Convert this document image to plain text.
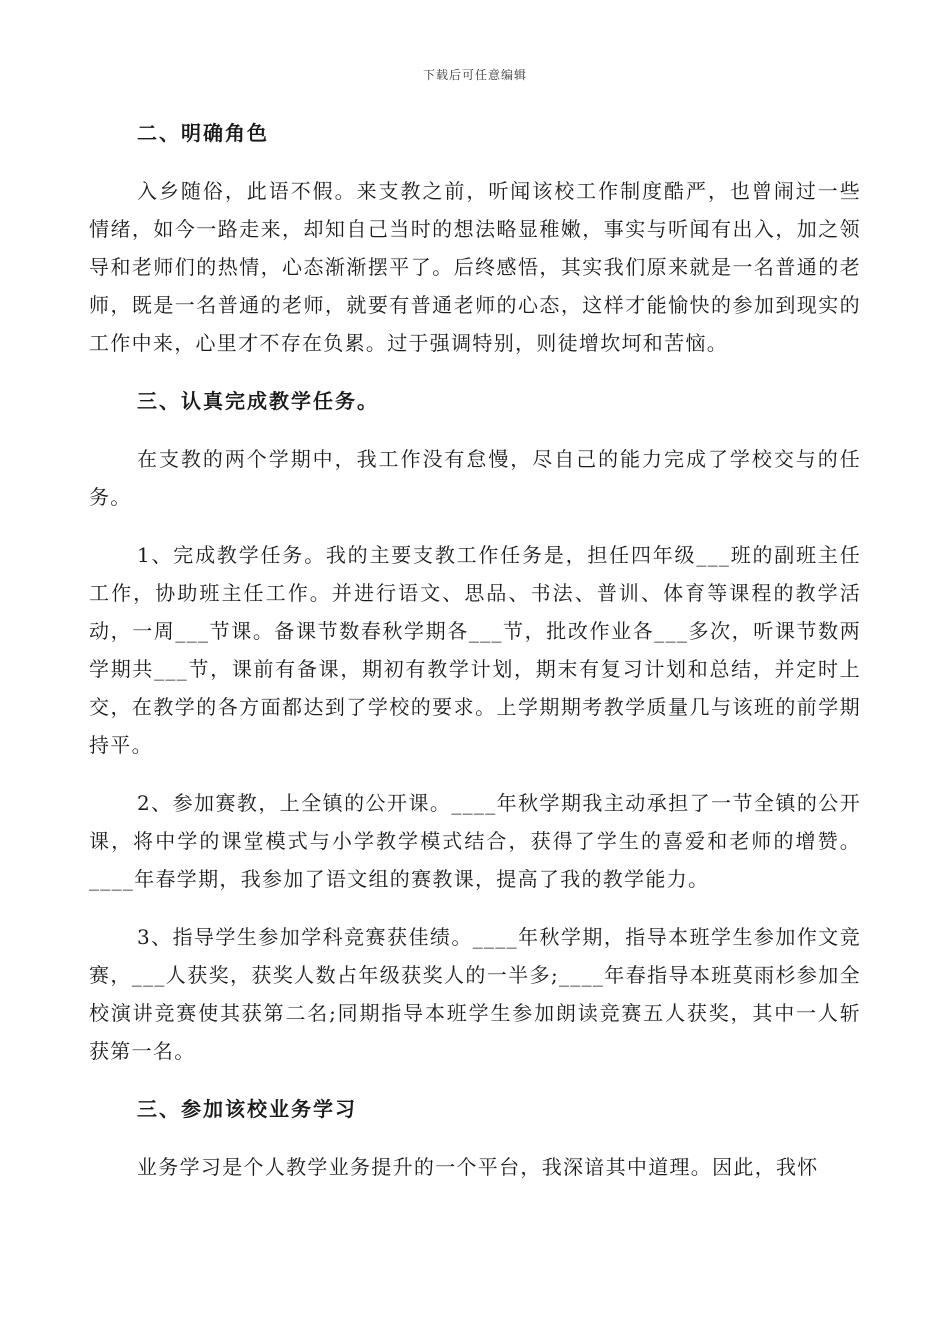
下载后可任意编辑
二、明确角色

入乡随俗，此语不假。来支教之前，听闻该校工作制度酷严，也曾闹过一些情绪，如今一路走来，却知自己当时的想法略显稚嫩，事实与听闻有出入，加之领导和老师们的热情，心态渐渐摆平了。后终感悟，其实我们原来就是一名普通的老师，既是一名普通的老师，就要有普通老师的心态，这样才能愉快的参加到现实的工作中来，心里才不存在负累。过于强调特别，则徒增坎坷和苦恼。

三、认真完成教学任务。

在支教的两个学期中，我工作没有怠慢，尽自己的能力完成了学校交与的任务。

1、完成教学任务。我的主要支教工作任务是，担任四年级___班的副班主任工作，协助班主任工作。并进行语文、思品、书法、普训、体育等课程的教学活动，一周___节课。备课节数春秋学期各___节，批改作业各___多次，听课节数两学期共___节，课前有备课，期初有教学计划，期末有复习计划和总结，并定时上交，在教学的各方面都达到了学校的要求。上学期期考教学质量几与该班的前学期持平。

2、参加赛教，上全镇的公开课。____年秋学期我主动承担了一节全镇的公开课，将中学的课堂模式与小学教学模式结合，获得了学生的喜爱和老师的增赞。____年春学期，我参加了语文组的赛教课，提高了我的教学能力。

3、指导学生参加学科竞赛获佳绩。____年秋学期，指导本班学生参加作文竞赛，___人获奖，获奖人数占年级获奖人的一半多;____年春指导本班莫雨杉参加全校演讲竞赛使其获第二名;同期指导本班学生参加朗读竞赛五人获奖，其中一人斩获第一名。

三、参加该校业务学习

业务学习是个人教学业务提升的一个平台，我深谙其中道理。因此，我怀
